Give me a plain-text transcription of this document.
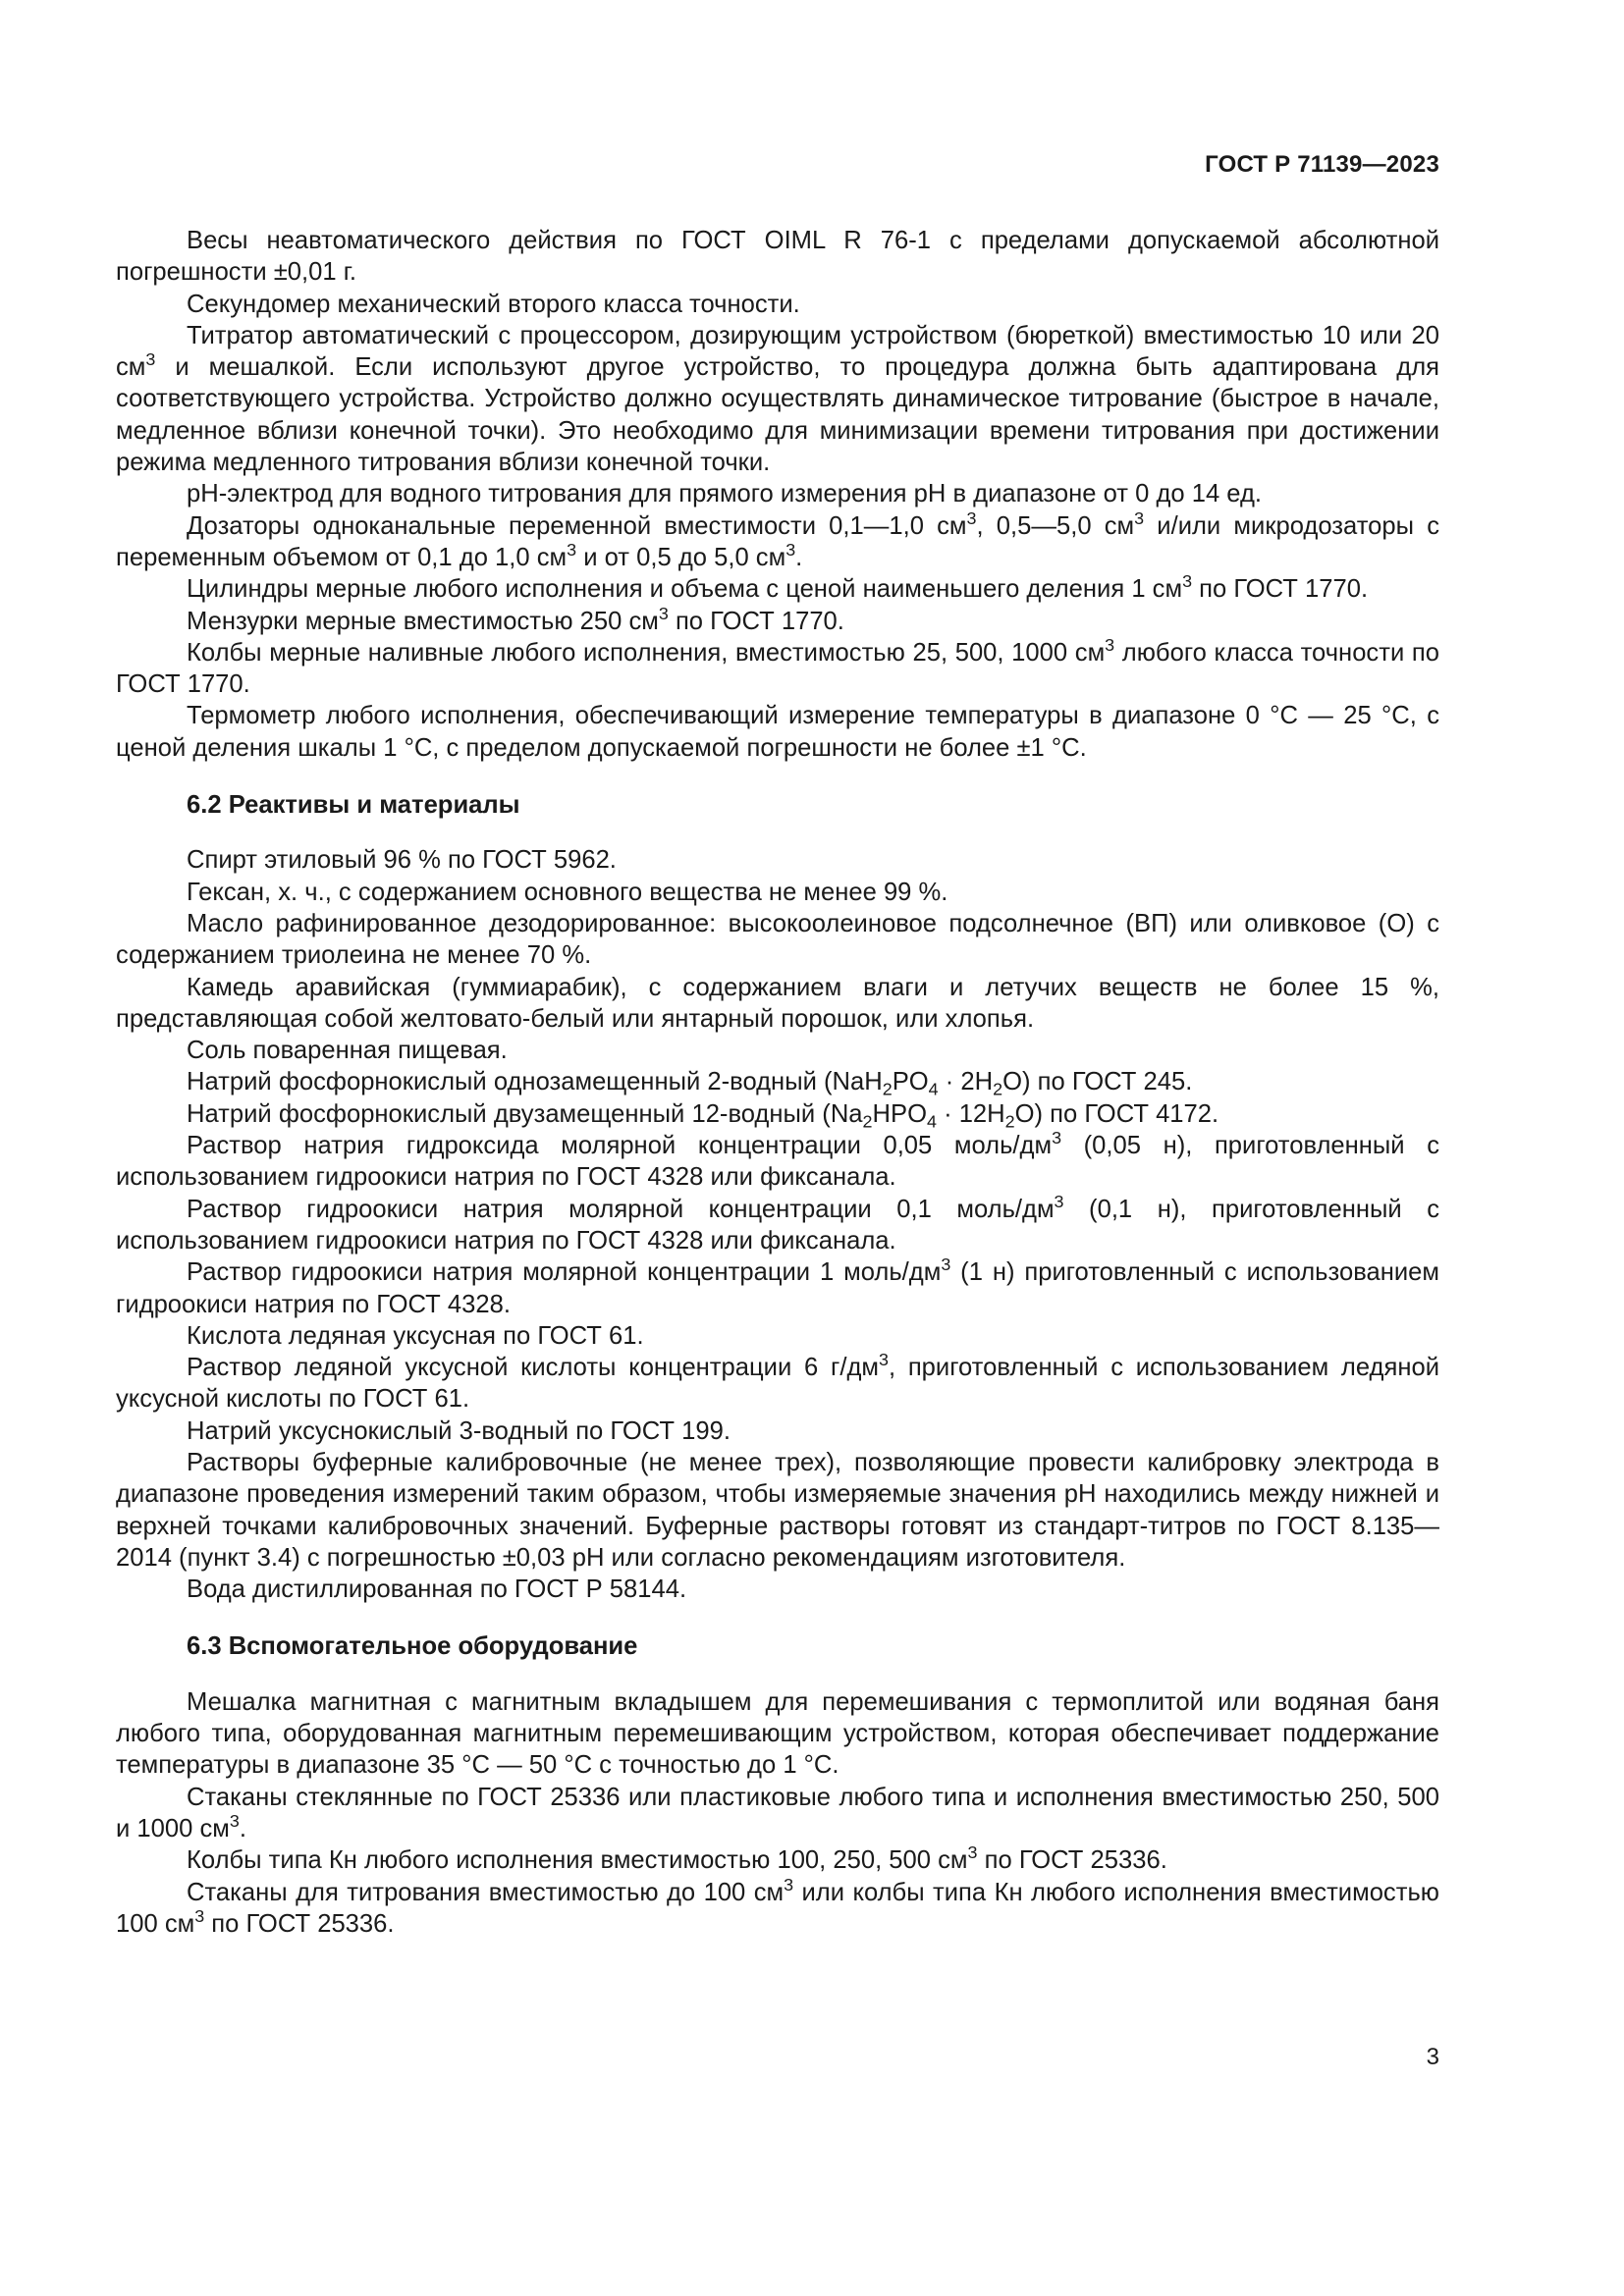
ГОСТ Р 71139—2023

Весы неавтоматического действия по ГОСТ OIML R 76-1 с пределами допускаемой абсолютной погрешности ±0,01 г.

Секундомер механический второго класса точности.

Титратор автоматический с процессором, дозирующим устройством (бюреткой) вместимостью 10 или 20 $см^3$ и мешалкой. Если используют другое устройство, то процедура должна быть адаптирована для соответствующего устройства. Устройство должно осуществлять динамическое титрование (быстрое в начале, медленное вблизи конечной точки). Это необходимо для минимизации времени титрования при достижении режима медленного титрования вблизи конечной точки.

pH-электрод для водного титрования для прямого измерения pH в диапазоне от 0 до 14 ед.

Дозаторы одноканальные переменной вместимости 0,1—1,0 $см^3$, 0,5—5,0 $см^3$ и/или микродозаторы с переменным объемом от 0,1 до 1,0 $см^3$ и от 0,5 до 5,0 $см^3$.

Цилиндры мерные любого исполнения и объема с ценой наименьшего деления 1 $см^3$ по ГОСТ 1770.

Мензурки мерные вместимостью 250 $см^3$ по ГОСТ 1770.

Колбы мерные наливные любого исполнения, вместимостью 25, 500, 1000 $см^3$ любого класса точности по ГОСТ 1770.

Термометр любого исполнения, обеспечивающий измерение температуры в диапазоне 0 °С — 25 °С, с ценой деления шкалы 1 °С, с пределом допускаемой погрешности не более ±1 °С.

6.2 Реактивы и материалы

Спирт этиловый 96 % по ГОСТ 5962.

Гексан, х. ч., с содержанием основного вещества не менее 99 %.

Масло рафинированное дезодорированное: высокоолеиновое подсолнечное (ВП) или оливковое (О) с содержанием триолеина не менее 70 %.

Камедь аравийская (гуммиарабик), с содержанием влаги и летучих веществ не более 15 %, представляющая собой желтовато-белый или янтарный порошок, или хлопья.

Соль поваренная пищевая.

Натрий фосфорнокислый однозамещенный 2-водный $(NaH_2PO_4 \cdot 2H_2O)$ по ГОСТ 245.

Натрий фосфорнокислый двузамещенный 12-водный $(Na_2HPO_4 \cdot 12H_2O)$ по ГОСТ 4172.

Раствор натрия гидроксида молярной концентрации 0,05 моль/$дм^3$ (0,05 н), приготовленный с использованием гидроокиси натрия по ГОСТ 4328 или фиксанала.

Раствор гидроокиси натрия молярной концентрации 0,1 моль/$дм^3$ (0,1 н), приготовленный с использованием гидроокиси натрия по ГОСТ 4328 или фиксанала.

Раствор гидроокиси натрия молярной концентрации 1 моль/$дм^3$ (1 н) приготовленный с использованием гидроокиси натрия по ГОСТ 4328.

Кислота ледяная уксусная по ГОСТ 61.

Раствор ледяной уксусной кислоты концентрации 6 $г/дм^3$, приготовленный с использованием ледяной уксусной кислоты по ГОСТ 61.

Натрий уксуснокислый 3-водный по ГОСТ 199.

Растворы буферные калибровочные (не менее трех), позволяющие провести калибровку электрода в диапазоне проведения измерений таким образом, чтобы измеряемые значения pH находились между нижней и верхней точками калибровочных значений. Буферные растворы готовят из стандарт-титров по ГОСТ 8.135—2014 (пункт 3.4) с погрешностью ±0,03 pH или согласно рекомендациям изготовителя.

Вода дистиллированная по ГОСТ Р 58144.

6.3 Вспомогательное оборудование

Мешалка магнитная с магнитным вкладышем для перемешивания с термоплитой или водяная баня любого типа, оборудованная магнитным перемешивающим устройством, которая обеспечивает поддержание температуры в диапазоне 35 °С — 50 °С с точностью до 1 °С.

Стаканы стеклянные по ГОСТ 25336 или пластиковые любого типа и исполнения вместимостью 250, 500 и 1000 $см^3$.

Колбы типа Кн любого исполнения вместимостью 100, 250, 500 $см^3$ по ГОСТ 25336.

Стаканы для титрования вместимостью до 100 $см^3$ или колбы типа Кн любого исполнения вместимостью 100 $см^3$ по ГОСТ 25336.

3
